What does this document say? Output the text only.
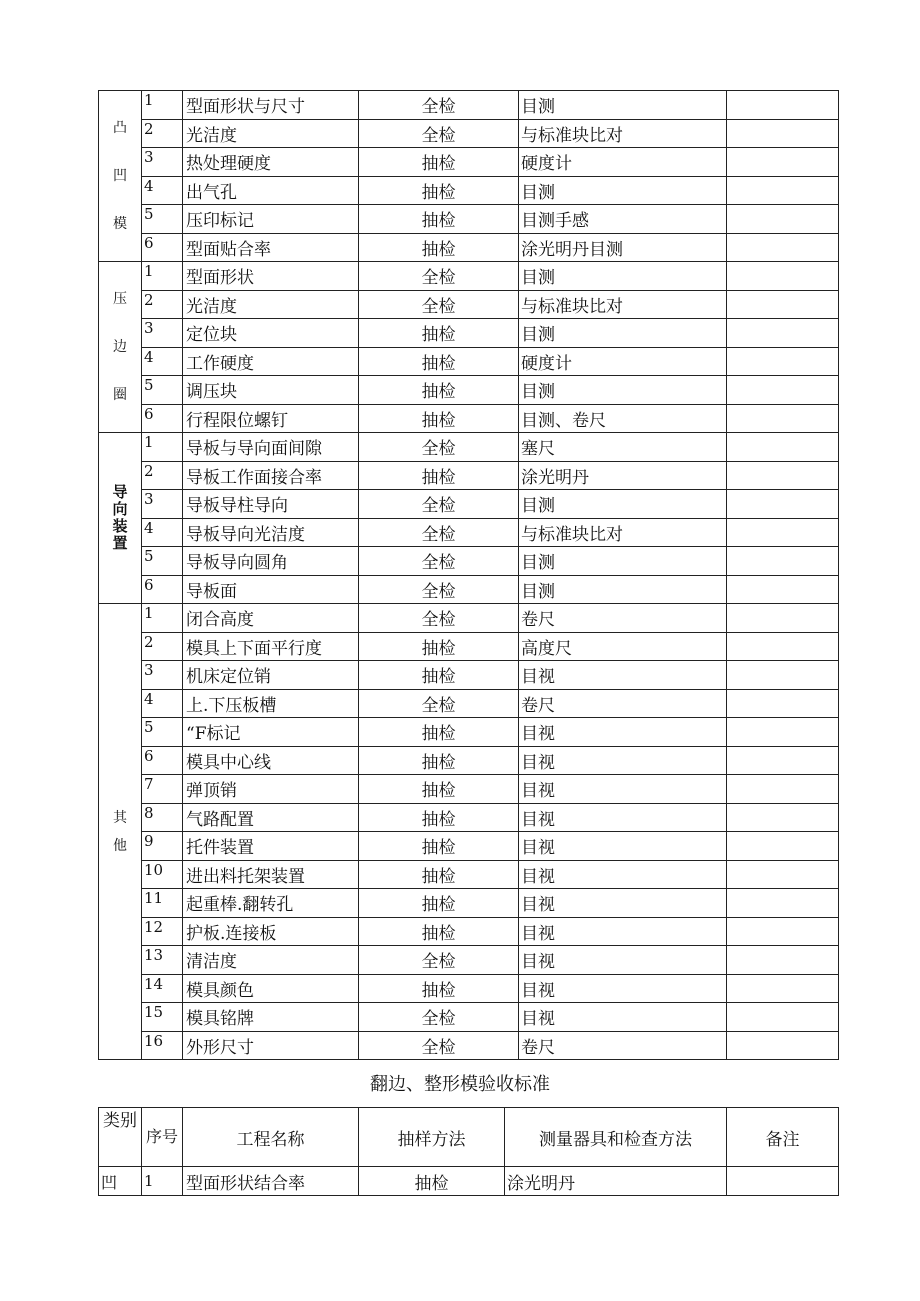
凸
凹
模	1	型面形状与尺寸	全检	目测	
	2	光洁度	全检	与标准块比对	
	3	热处理硬度	抽检	硬度计	
	4	出气孔	抽检	目测	
	5	压印标记	抽检	目测手感	
	6	型面贴合率	抽检	涂光明丹目测	

压
边
圈	1	型面形状	全检	目测	
	2	光洁度	全检	与标准块比对	
	3	定位块	抽检	目测	
	4	工作硬度	抽检	硬度计	
	5	调压块	抽检	目测	
	6	行程限位螺钉	抽检	目测、卷尺	

导
向
装
置	1	导板与导向面间隙	全检	塞尺	
	2	导板工作面接合率	抽检	涂光明丹	
	3	导板导柱导向	全检	目测	
	4	导板导向光洁度	全检	与标准块比对	
	5	导板导向圆角	全检	目测	
	6	导板面	全检	目测	

其
他	1	闭合高度	全检	卷尺	
	2	模具上下面平行度	抽检	高度尺	
	3	机床定位销	抽检	目视	
	4	上.下压板槽	全检	卷尺	
	5	“F标记	抽检	目视	
	6	模具中心线	抽检	目视	
	7	弹顶销	抽检	目视	
	8	气路配置	抽检	目视	
	9	托件装置	抽检	目视	
	10	进出料托架装置	抽检	目视	
	11	起重棒.翻转孔	抽检	目视	
	12	护板.连接板	抽检	目视	
	13	清洁度	全检	目视	
	14	模具颜色	抽检	目视	
	15	模具铭牌	全检	目视	
	16	外形尺寸	全检	卷尺	
翻边、整形模验收标准
类别	序号	工程名称	抽样方法	测量器具和检查方法	备注
凹	1	型面形状结合率	抽检	涂光明丹	
